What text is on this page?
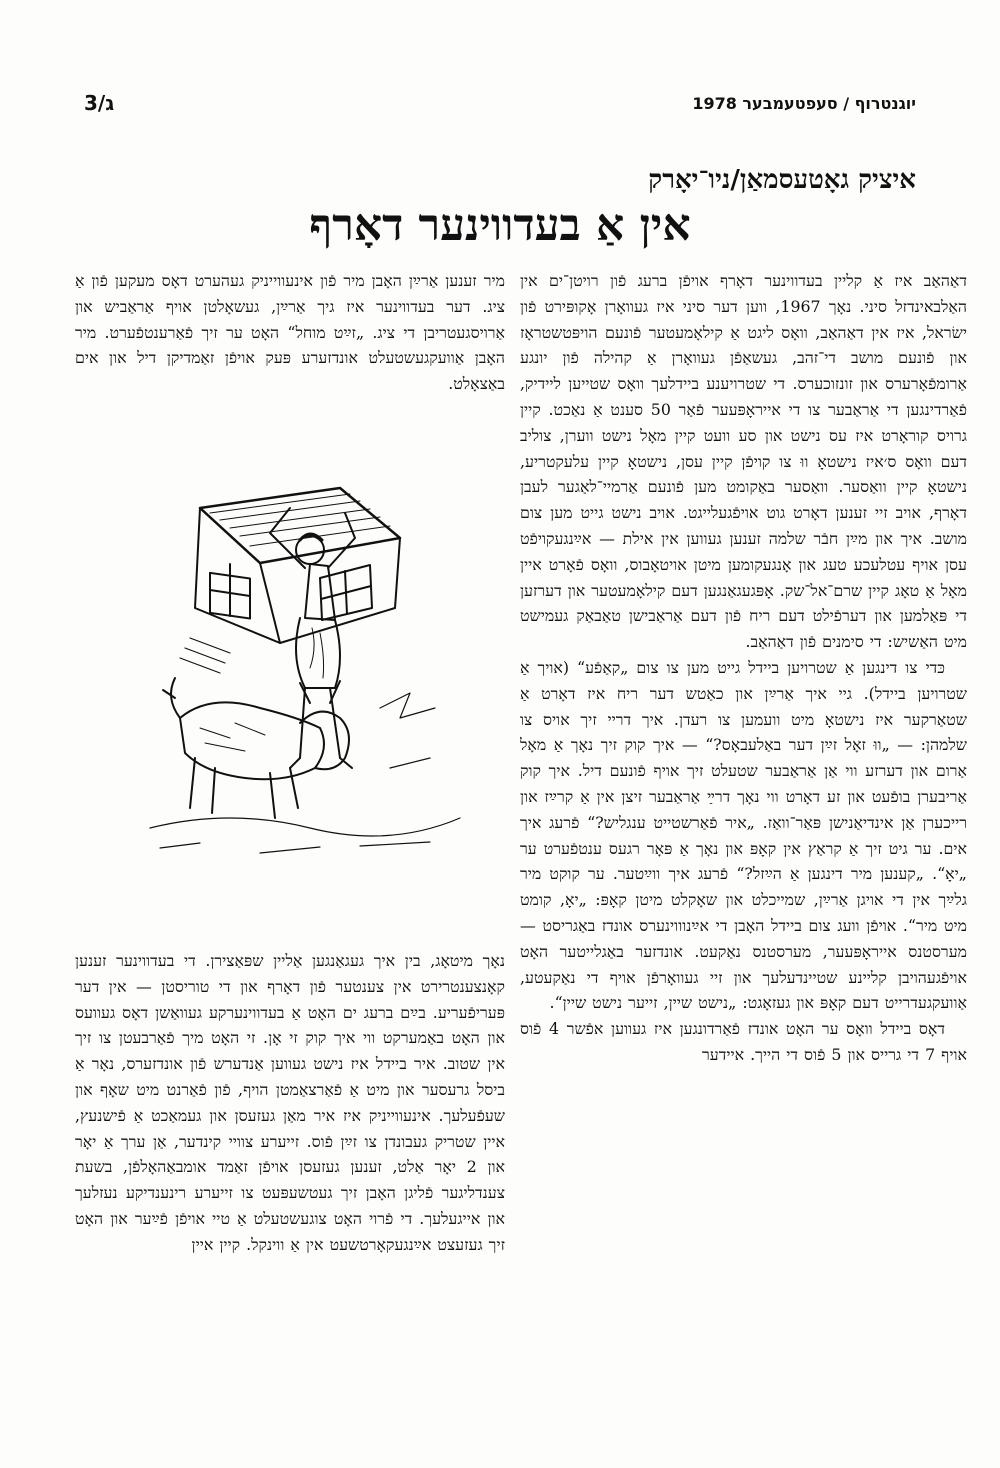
ג/3	יוגנטרוף / סעפטעמבער 1978
איציק גאָטעסמאַן/ניו־יאָרק
אין אַ בעדווינער דאָרף

דאַהאַב איז אַ קליין בעדווינער דאָרף אויפֿן ברעג פֿון רויטן־ים אין האַלבאינדזל סיני. נאָך 1967, ווען דער סיני איז געוואָרן אָקופּירט פֿון ישׂראל, איז אין דאַהאַב, וואָס ליגט אַ קילאָמעטער פֿונעם הויפּטשטראָז און פֿונעם מושב די־זהב, געשאַפֿן געוואָרן אַ קהילה פֿון יונגע אַרומפֿאָרערס און זונזוכערס. די שטרויענע ביידלעך וואָס שטייען ליידיק, פֿאַרדינגען די אַראַבער צו די אייראָפּעער פֿאַר 50 סענט אַ נאַכט. קיין גרויס קוראָרט איז עס נישט און סע וועט קיין מאָל נישט ווערן, צוליב דעם וואָס ס׳איז נישטאָ ווּ צו קויפֿן קיין עסן, נישטאָ קיין עלעקטריע, נישטאָ קיין וואַסער. וואַסער באַקומט מען פֿונעם אַרמיי־לאַגער לעבן דאָרף, אויב זיי זענען דאָרט גוט אויפֿגעלייגט. אויב נישט גייט מען צום מושב. איך און מײַן חבֿר שלמה זענען געווען אין אילת — אײַנגעקויפֿט עסן אויף עטלעכע טעג און אָנגעקומען מיטן אויטאָבוס, וואָס פֿאָרט איין מאָל אַ טאָג קיין שרם־אל־שק. אָפּגעגאַנגען דעם קילאָמעטער און דערזען די פּאַלמען און דערפֿילט דעם ריח פֿון דעם אַראַבישן טאַבאַק געמישט מיט האַשיש: די סימנים פֿון דאַהאַב.

כּדי צו דינגען אַ שטרויען ביידל גייט מען צו צום „קאַפֿע“ (אויך אַ שטרויען ביידל). גיי איך אַרײַן און כאַטש דער ריח איז דאָרט אַ שטאַרקער איז נישטאָ מיט וועמען צו רעדן. איך דריי זיך אויס צו שלמהן: — „ווּ זאָל זײַן דער באַלעבאָס?“ — איך קוק זיך נאָך אַ מאָל אַרום און דערזע ווי אַן אַראַבער שטעלט זיך אויף פֿונעם דיל. איך קוק אַריבערן בופֿעט און זע דאָרט ווי נאָך דרײַ אַראַבער זיצן אין אַ קרײַז און רייכערן אַן אינדיאַנישן פּאַר־וואַז. „איר פֿאַרשטייט ענגליש?“ פֿרעג איך אים. ער גיט זיך אַ קראַץ אין קאָפּ און נאָך אַ פּאָר רגעס ענטפֿערט ער „יאָ“. „קענען מיר דינגען אַ הײַזל?“ פֿרעג איך ווײַטער. ער קוקט מיר גלײַך אין די אויגן אַרײַן, שמייכלט און שאָקלט מיטן קאָפּ: „יאָ, קומט מיט מיר“. אויפֿן וועג צום ביידל האָבן די אײַנוווינערס אונדז באַגריסט — מערסטנס אייראָפּעער, מערסטנס נאַקעט. אונדזער באַגלייטער האָט אויפֿגעהויבן קליינע שטיינדעלעך און זיי געוואָרפֿן אויף די נאַקעטע, אַוועקגעדרייט דעם קאָפּ און געזאָגט: „נישט שיין, זייער נישט שיין“.

דאָס ביידל וואָס ער האָט אונדז פֿאַרדונגען איז געווען אפֿשר 4 פֿוס אויף 7 די גרייס און 5 פֿוס די הייך. איידער

מיר זענען אַרײַן האָבן מיר פֿון אינעווייניק געהערט דאָס מעקען פֿון אַ ציג. דער בעדווינער איז גיך אַרײַן, געשאָלטן אויף אַראַביש און אַרויסגעטריבן די ציג. „זײַט מוחל“ האָט ער זיך פֿאַרענטפֿערט. מיר האָבן אַוועקגעשטעלט אונדזערע פּעק אויפֿן זאַמדיקן דיל און אים באַצאָלט.

נאָך מיטאָג, בין איך געגאַנגען אַליין שפּאַצירן. די בעדווינער זענען קאָנצענטרירט אין צענטער פֿון דאָרף און די טוריסטן — אין דער פּעריפֿעריע. בײַם ברעג ים האָט אַ בעדווינערקע געוואַשן דאָס געוועס און האָט באַמערקט ווי איך קוק זי אָן. זי האָט מיך פֿאַרבעטן צו זיך אין שטוב. איר ביידל איז נישט געווען אַנדערש פֿון אונדזערס, נאָר אַ ביסל גרעסער און מיט אַ פֿאַרצאַמטן הויף, פֿון פֿאַרנט מיט שאָף און שעפֿעלעך. אינעווייניק איז איר מאַן געזעסן און געמאַכט אַ פֿישנעץ, איין שטריק געבונדן צו זײַן פֿוס. זייערע צוויי קינדער, אַן ערך אַ יאָר און 2 יאָר אַלט, זענען געזעסן אויפֿן זאַמד אומבאַהאָלפֿן, בשעת צענדליגער פֿליגן האָבן זיך געטשעפּעט צו זייערע רינענדיקע נעזלעך און אייגעלעך. די פֿרוי האָט צוגעשטעלט אַ טיי אויפֿן פֿײַער און האָט זיך געזעצט אײַנגעקאָרטשעט אין אַ ווינקל. קיין איין
